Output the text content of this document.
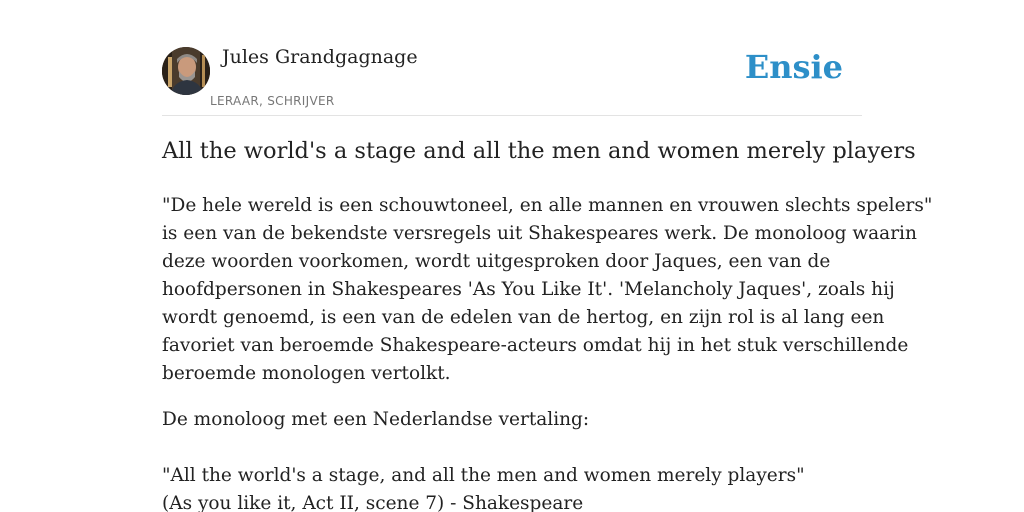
Jules Grandgagnage
LERAAR, SCHRIJVER
Ensie
All the world's a stage and all the men and women merely players
"De hele wereld is een schouwtoneel, en alle mannen en vrouwen slechts spelers"
is een van de bekendste versregels uit Shakespeares werk. De monoloog waarin
deze woorden voorkomen, wordt uitgesproken door Jaques, een van de
hoofdpersonen in Shakespeares 'As You Like It'. 'Melancholy Jaques', zoals hij
wordt genoemd, is een van de edelen van de hertog, en zijn rol is al lang een
favoriet van beroemde Shakespeare-acteurs omdat hij in het stuk verschillende
beroemde monologen vertolkt.
De monoloog met een Nederlandse vertaling:
"All the world's a stage, and all the men and women merely players"
(As you like it, Act II, scene 7) - Shakespeare
